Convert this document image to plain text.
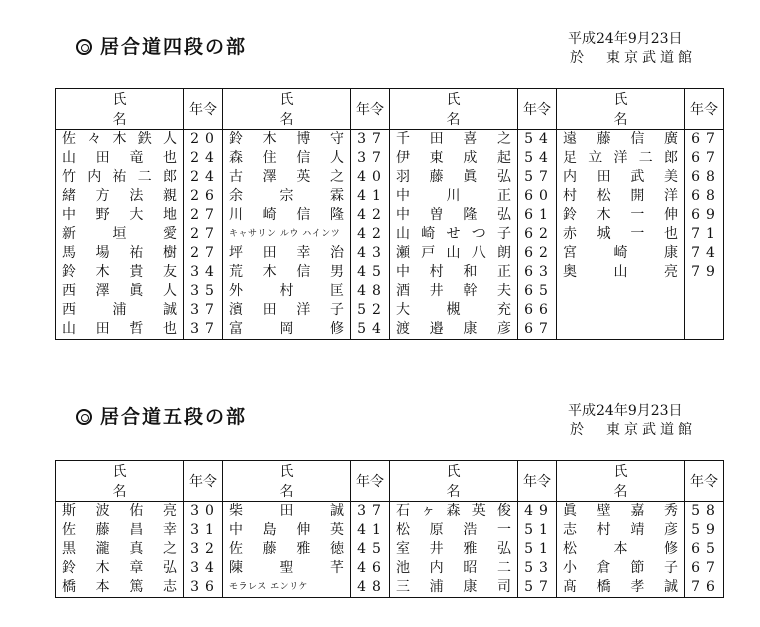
居合道四段の部	平成24年9月23日
於　東京武道館
氏名	年令	氏名	年令	氏名	年令	氏名	年令
佐々木鉄人	20	鈴木博守	37	千田喜之	54	遠藤信廣	67
山田竜也	24	森住信人	37	伊東成起	54	足立洋二郎	67
竹内祐二郎	24	古澤英之	40	羽藤眞弘	57	内田武美	68
緒方法親	26	余宗霖	41	中川正	60	村松開洋	68
中野大地	27	川崎信隆	42	中曽隆弘	61	鈴木一伸	69
新垣愛	27	キャサリン ルウ ハインツ	42	山崎せつ子	62	赤城一也	71
馬場祐樹	27	坪田幸治	43	瀬戸山八朗	62	宮崎康	74
鈴木貴友	34	荒木信男	45	中村和正	63	奥山亮	79
西澤眞人	35	外村匡	48	酒井幹夫	65		
西浦誠	37	濱田洋子	52	大槻充	66		
山田哲也	37	富岡修	54	渡邉康彦	67		
居合道五段の部	平成24年9月23日
於　東京武道館
氏名	年令	氏名	年令	氏名	年令	氏名	年令
斯波佑亮	30	柴田誠	37	石ヶ森英俊	49	眞壁嘉秀	58
佐藤昌幸	31	中島伸英	41	松原浩一	51	志村靖彦	59
黒瀧真之	32	佐藤雅徳	45	室井雅弘	51	松本修	65
鈴木章弘	34	陳聖芊	46	池内昭二	53	小倉節子	67
橋本篤志	36	モラレス エンリケ	48	三浦康司	57	髙橋孝誠	76
